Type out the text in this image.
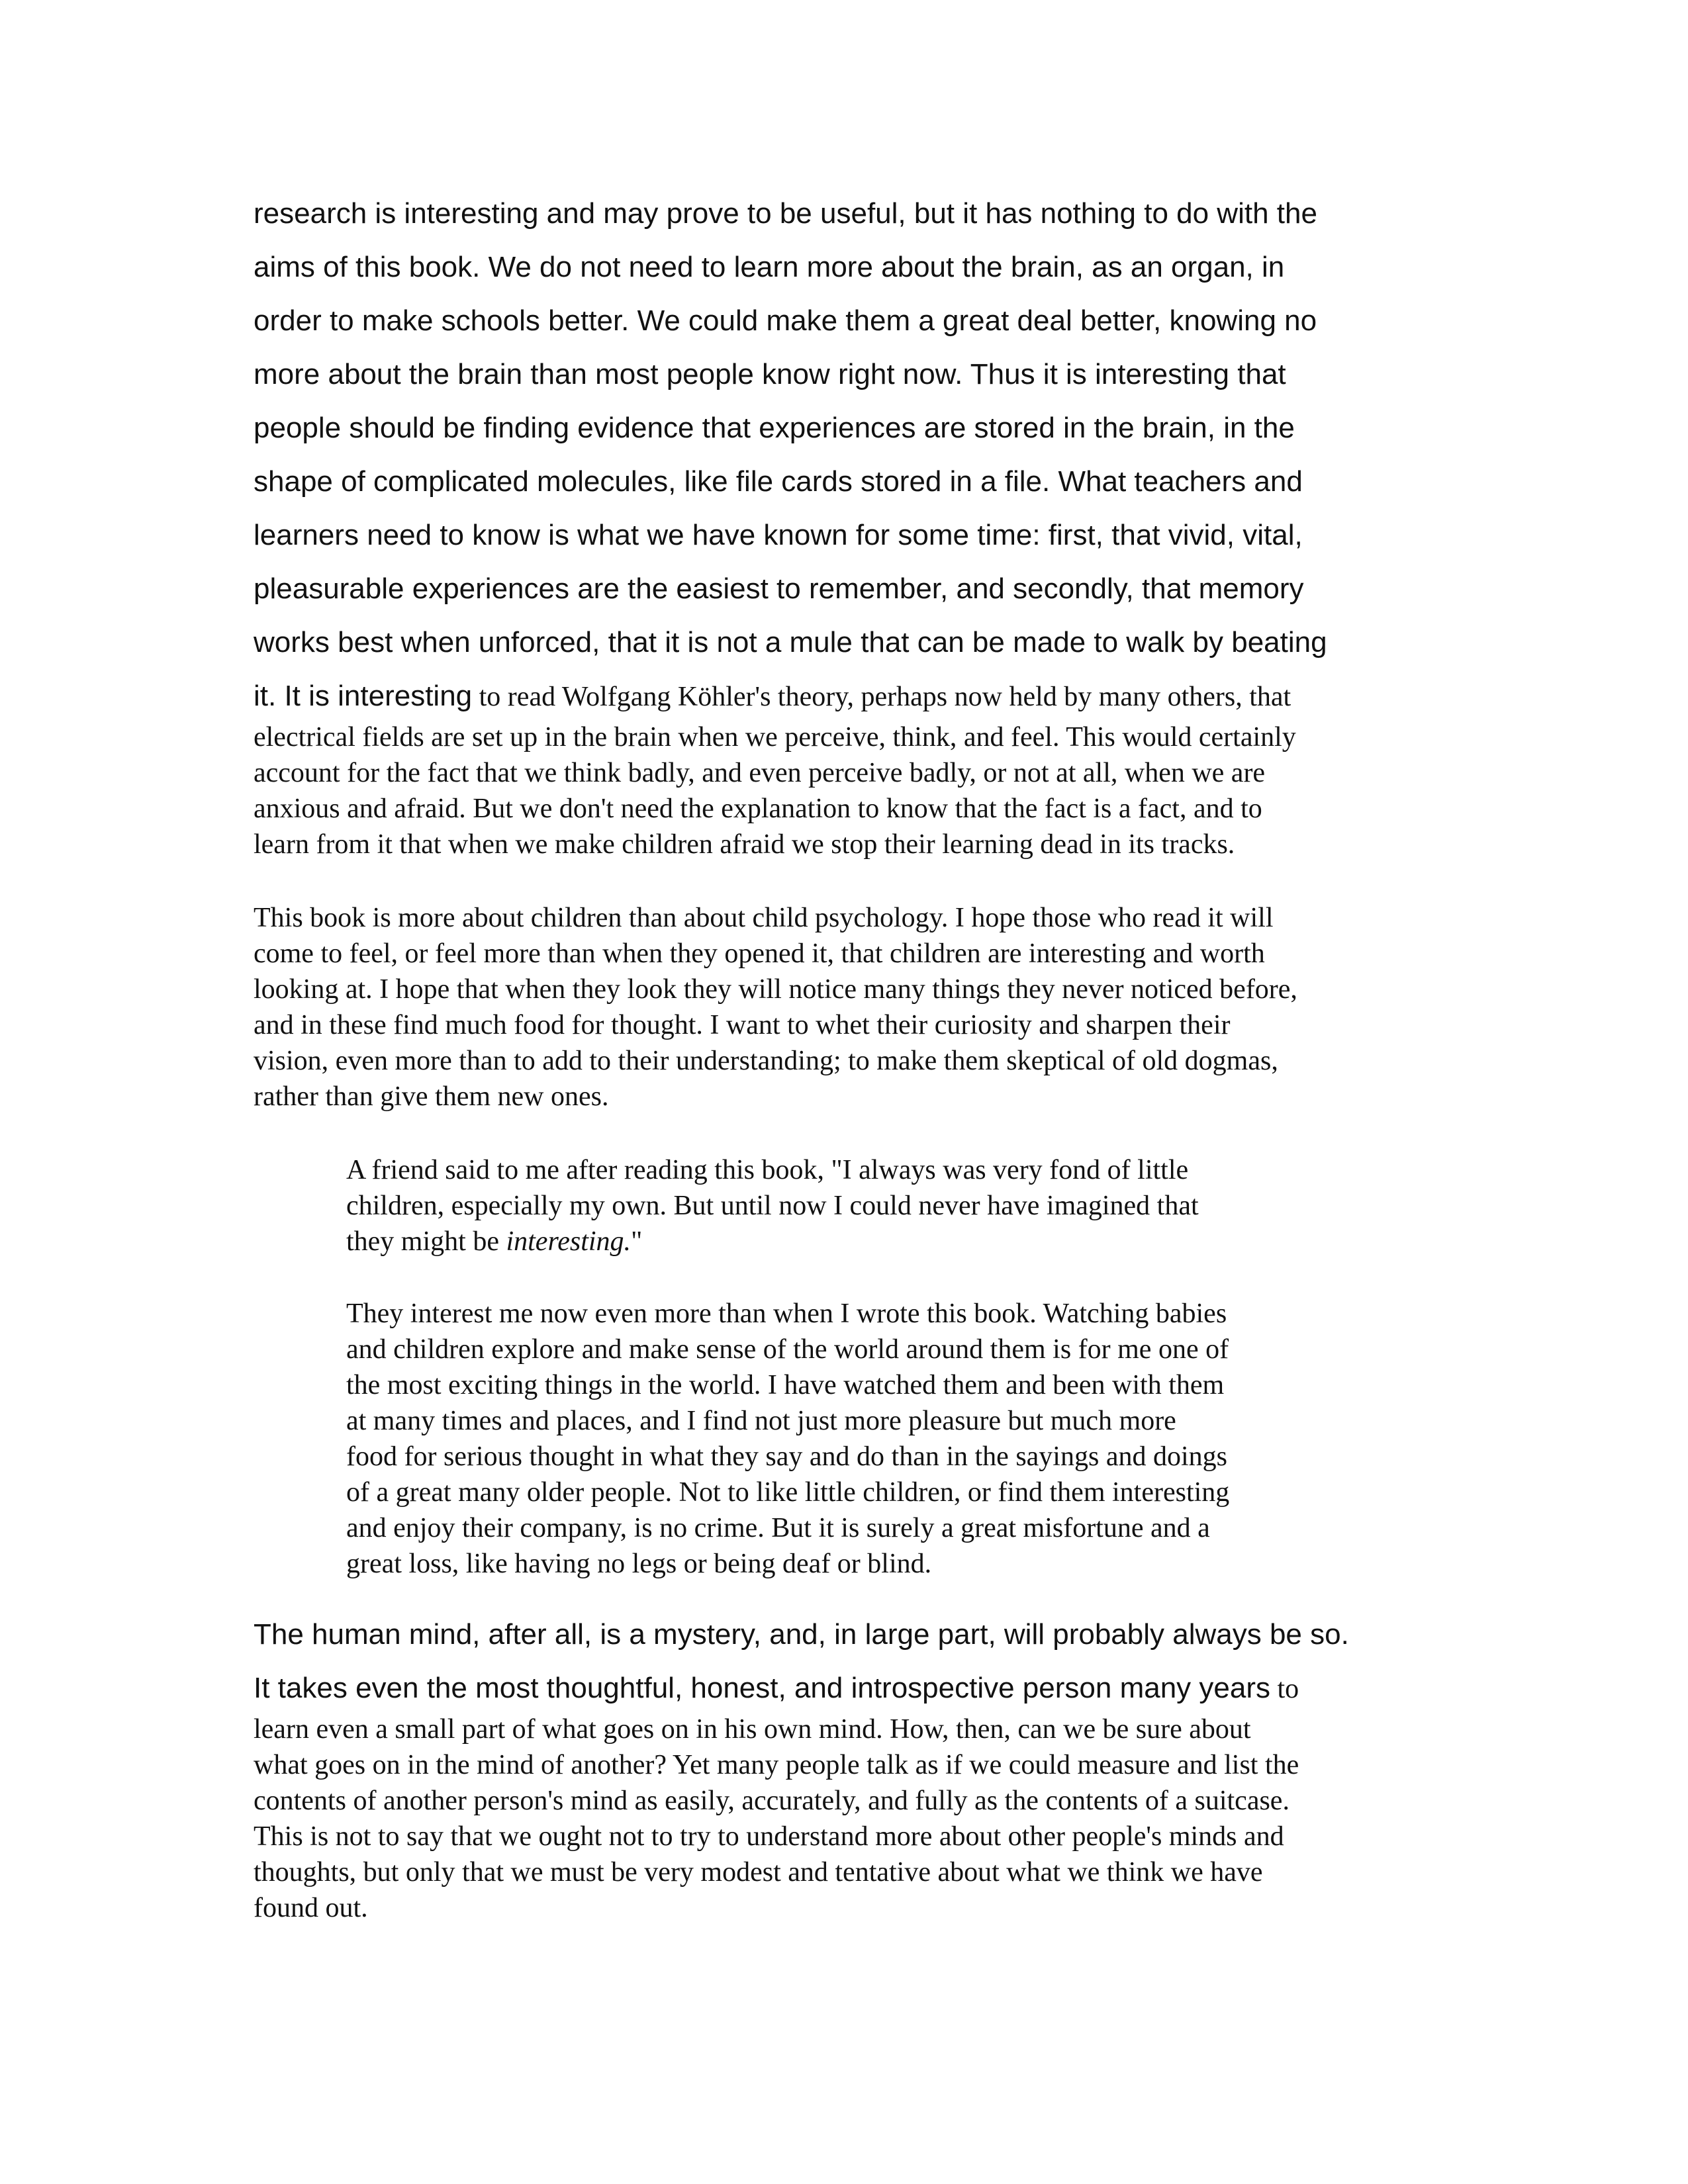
research is interesting and may prove to be useful, but it has nothing to do with the

aims of this book. We do not need to learn more about the brain, as an organ, in

order to make schools better. We could make them a great deal better, knowing no

more about the brain than most people know right now. Thus it is interesting that

people should be finding evidence that experiences are stored in the brain, in the

shape of complicated molecules, like file cards stored in a file. What teachers and

learners need to know is what we have known for some time: first, that vivid, vital,

pleasurable experiences are the easiest to remember, and secondly, that memory

works best when unforced, that it is not a mule that can be made to walk by beating

it. It is interesting to read Wolfgang Köhler's theory, perhaps now held by many others, that

electrical fields are set up in the brain when we perceive, think, and feel. This would certainly

account for the fact that we think badly, and even perceive badly, or not at all, when we are

anxious and afraid. But we don't need the explanation to know that the fact is a fact, and to

learn from it that when we make children afraid we stop their learning dead in its tracks.

This book is more about children than about child psychology. I hope those who read it will

come to feel, or feel more than when they opened it, that children are interesting and worth

looking at. I hope that when they look they will notice many things they never noticed before,

and in these find much food for thought. I want to whet their curiosity and sharpen their

vision, even more than to add to their understanding; to make them skeptical of old dogmas,

rather than give them new ones.

A friend said to me after reading this book, "I always was very fond of little

children, especially my own. But until now I could never have imagined that

they might be interesting."

They interest me now even more than when I wrote this book. Watching babies

and children explore and make sense of the world around them is for me one of

the most exciting things in the world. I have watched them and been with them

at many times and places, and I find not just more pleasure but much more

food for serious thought in what they say and do than in the sayings and doings

of a great many older people. Not to like little children, or find them interesting

and enjoy their company, is no crime. But it is surely a great misfortune and a

great loss, like having no legs or being deaf or blind.

The human mind, after all, is a mystery, and, in large part, will probably always be so.

It takes even the most thoughtful, honest, and introspective person many years to

learn even a small part of what goes on in his own mind. How, then, can we be sure about

what goes on in the mind of another? Yet many people talk as if we could measure and list the

contents of another person's mind as easily, accurately, and fully as the contents of a suitcase.

This is not to say that we ought not to try to understand more about other people's minds and

thoughts, but only that we must be very modest and tentative about what we think we have

found out.
